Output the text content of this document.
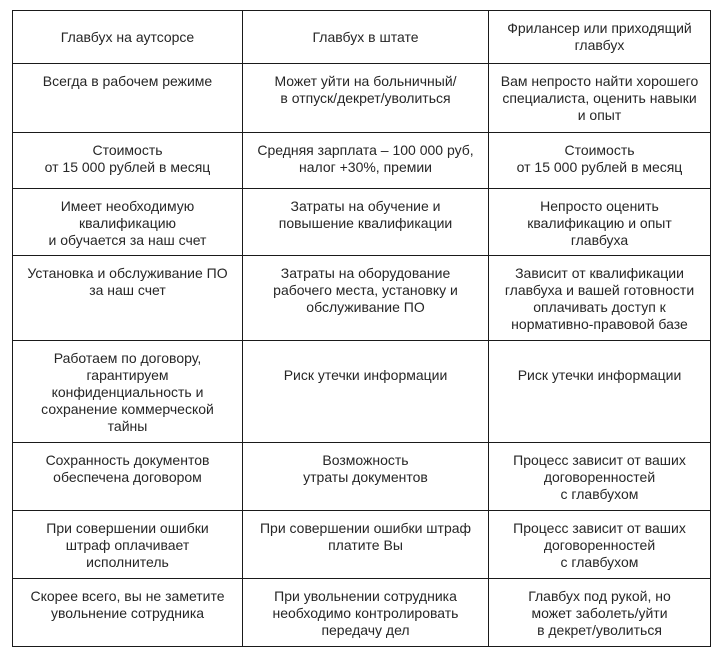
Главбух на аутсорсе	Главбух в штате	Фрилансер или приходящий
главбух

Всегда в рабочем режиме	Может уйти на больничный/
в отпуск/декрет/уволиться	Вам непросто найти хорошего
специалиста, оценить навыки
и опыт

Стоимость
от 15 000 рублей в месяц	Средняя зарплата – 100 000 руб,
налог +30%, премии	Стоимость
от 15 000 рублей в месяц

Имеет необходимую
квалификацию
и обучается за наш счет	Затраты на обучение и
повышение квалификации	Непросто оценить
квалификацию и опыт
главбуха

Установка и обслуживание ПО
за наш счет	Затраты на оборудование
рабочего места, установку и
обслуживание ПО	Зависит от квалификации
главбуха и вашей готовности
оплачивать доступ к
нормативно-правовой базе

Работаем по договору,
гарантируем
конфиденциальность и
сохранение коммерческой
тайны	Риск утечки информации	Риск утечки информации

Сохранность документов
обеспечена договором	Возможность
утраты документов	Процесс зависит от ваших
договоренностей
с главбухом

При совершении ошибки
штраф оплачивает
исполнитель	При совершении ошибки штраф
платите Вы	Процесс зависит от ваших
договоренностей
с главбухом

Скорее всего, вы не заметите
увольнение сотрудника	При увольнении сотрудника
необходимо контролировать
передачу дел	Главбух под рукой, но
может заболеть/уйти
в декрет/уволиться
